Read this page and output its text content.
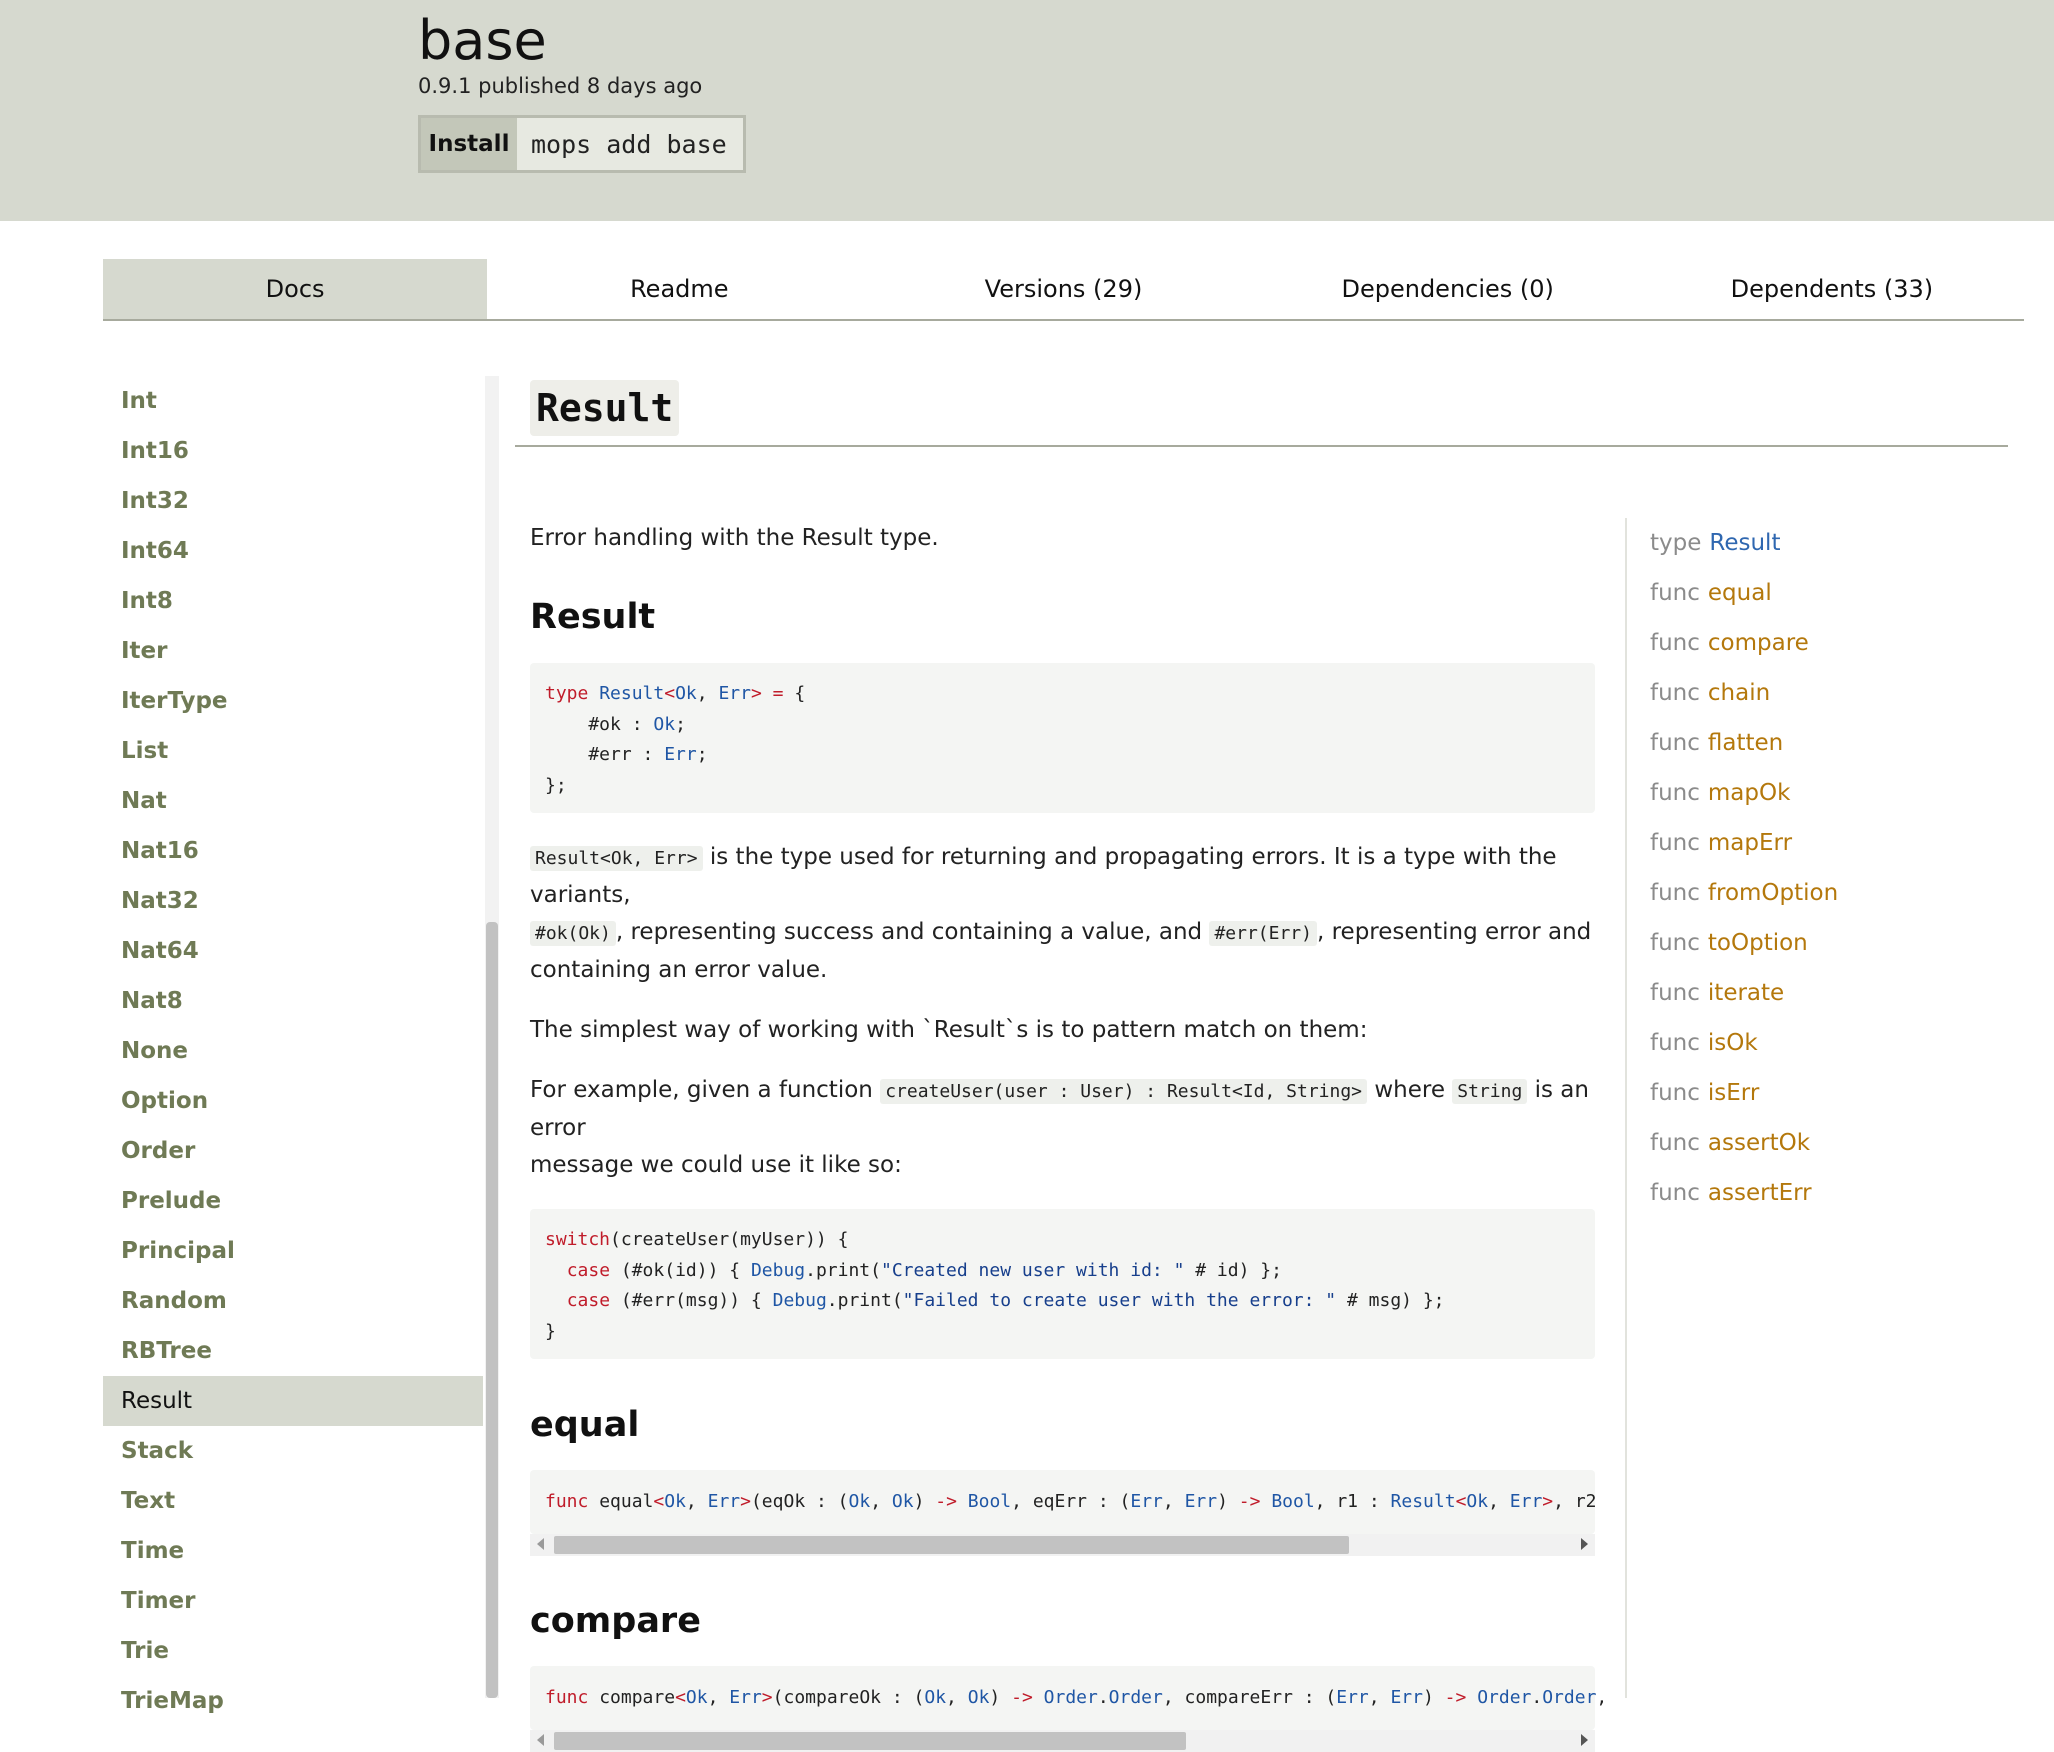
base
0.9.1 published 8 days ago
Install mops add base
Docs	Readme	Versions (29)	Dependencies (0)	Dependents (33)
Int
Int16
Int32
Int64
Int8
Iter
IterType
List
Nat
Nat16
Nat32
Nat64
Nat8
None
Option
Order
Prelude
Principal
Random
RBTree
Result
Stack
Text
Time
Timer
Trie
TrieMap
Result

Error handling with the Result type.

Result
type Result<Ok, Err> = {
#ok : Ok;
#err : Err;
};

Result<Ok, Err> is the type used for returning and propagating errors. It is a type with the variants,
#ok(Ok) , representing success and containing a value, and #err(Err) , representing error and
containing an error value.

The simplest way of working with `Result`s is to pattern match on them:

For example, given a function createUser(user : User) : Result<Id, String> where String is an error
message we could use it like so:

switch(createUser(myUser)) {
case (#ok(id)) { Debug.print("Created new user with id: " # id) };
case (#err(msg)) { Debug.print("Failed to create user with the error: " # msg) };
}
equal
func equal<Ok, Err>(eqOk : (Ok, Ok) -> Bool, eqErr : (Err, Err) -> Bool, r1 : Result<Ok, Err>, r2
compare
func compare<Ok, Err>(compareOk : (Ok, Ok) -> Order.Order, compareErr : (Err, Err) -> Order.Order,
type Result
func equal
func compare
func chain
func flatten
func mapOk
func mapErr
func fromOption
func toOption
func iterate
func isOk
func isErr
func assertOk
func assertErr
